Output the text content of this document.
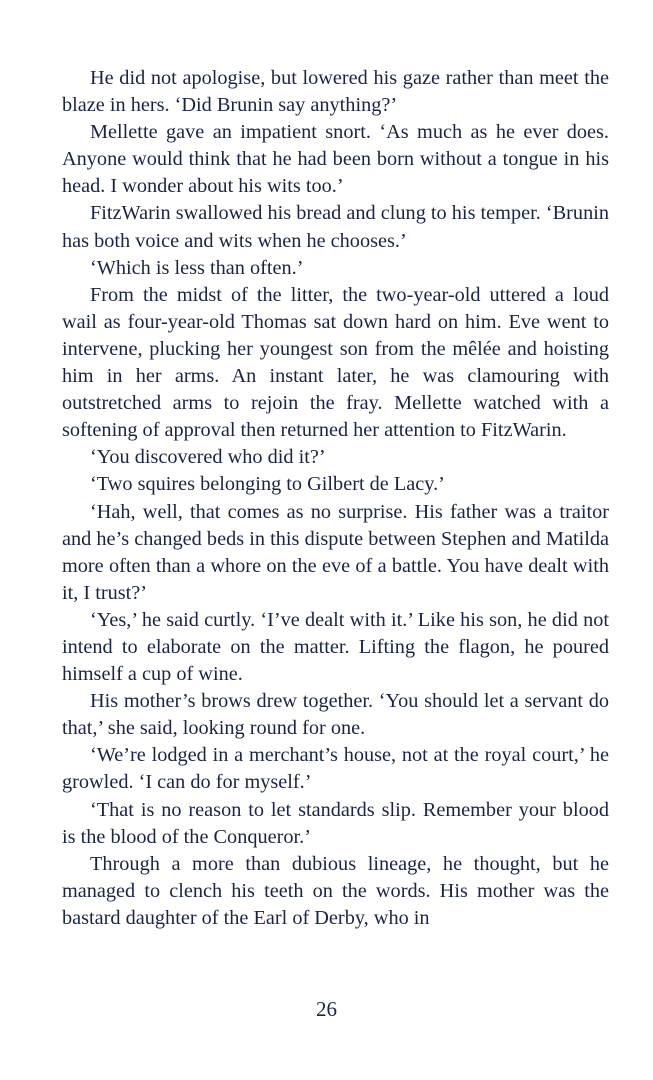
He did not apologise, but lowered his gaze rather than meet the blaze in hers. ‘Did Brunin say anything?’

Mellette gave an impatient snort. ‘As much as he ever does. Anyone would think that he had been born without a tongue in his head. I wonder about his wits too.’

FitzWarin swallowed his bread and clung to his temper. ‘Brunin has both voice and wits when he chooses.’

‘Which is less than often.’

From the midst of the litter, the two-year-old uttered a loud wail as four-year-old Thomas sat down hard on him. Eve went to intervene, plucking her youngest son from the mêlée and hoisting him in her arms. An instant later, he was clamouring with outstretched arms to rejoin the fray. Mellette watched with a softening of approval then returned her attention to FitzWarin.

‘You discovered who did it?’

‘Two squires belonging to Gilbert de Lacy.’

‘Hah, well, that comes as no surprise. His father was a traitor and he’s changed beds in this dispute between Stephen and Matilda more often than a whore on the eve of a battle. You have dealt with it, I trust?’

‘Yes,’ he said curtly. ‘I’ve dealt with it.’ Like his son, he did not intend to elaborate on the matter. Lifting the flagon, he poured himself a cup of wine.

His mother’s brows drew together. ‘You should let a servant do that,’ she said, looking round for one.

‘We’re lodged in a merchant’s house, not at the royal court,’ he growled. ‘I can do for myself.’

‘That is no reason to let standards slip. Remember your blood is the blood of the Conqueror.’

Through a more than dubious lineage, he thought, but he managed to clench his teeth on the words. His mother was the bastard daughter of the Earl of Derby, who in

26
